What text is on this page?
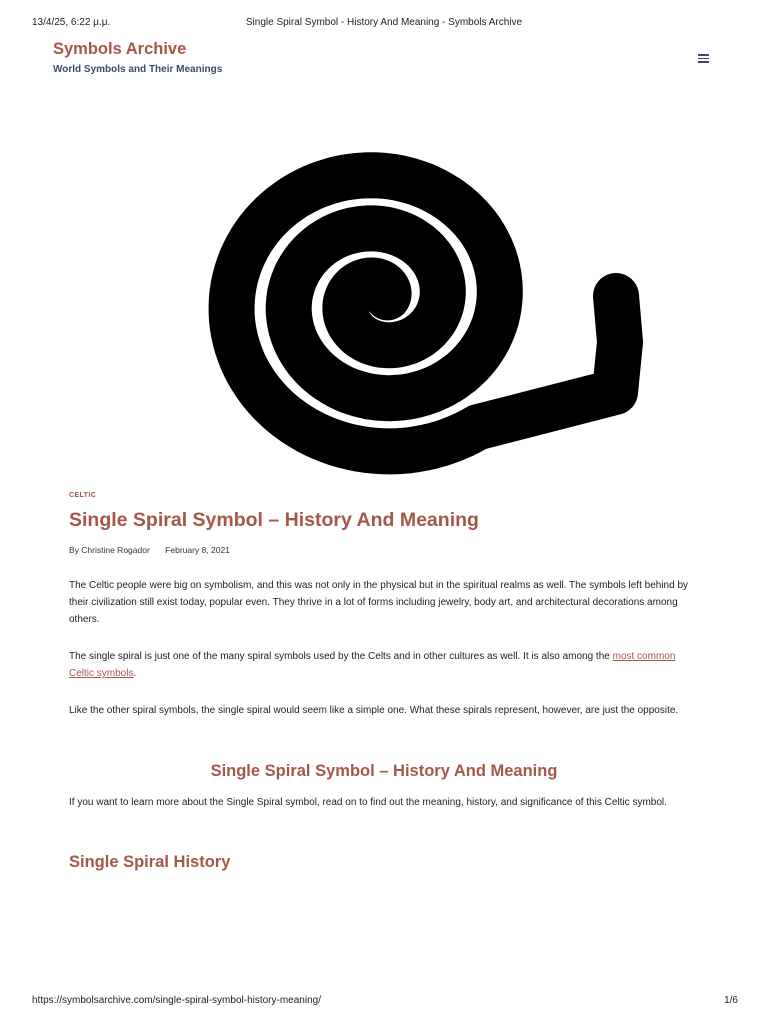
13/4/25, 6:22 μ.μ.	Single Spiral Symbol - History And Meaning - Symbols Archive
Symbols Archive
World Symbols and Their Meanings
CELTIC
Single Spiral Symbol – History And Meaning
By Christine Rogador February 8, 2021

The Celtic people were big on symbolism, and this was not only in the physical but in the spiritual realms as well. The symbols left behind by their civilization still exist today, popular even. They thrive in a lot of forms including jewelry, body art, and architectural decorations among others.

The single spiral is just one of the many spiral symbols used by the Celts and in other cultures as well. It is also among the most common Celtic symbols.

Like the other spiral symbols, the single spiral would seem like a simple one. What these spirals represent, however, are just the opposite.

Single Spiral Symbol – History And Meaning

If you want to learn more about the Single Spiral symbol, read on to find out the meaning, history, and significance of this Celtic symbol.

Single Spiral History
https://symbolsarchive.com/single-spiral-symbol-history-meaning/	1/6
